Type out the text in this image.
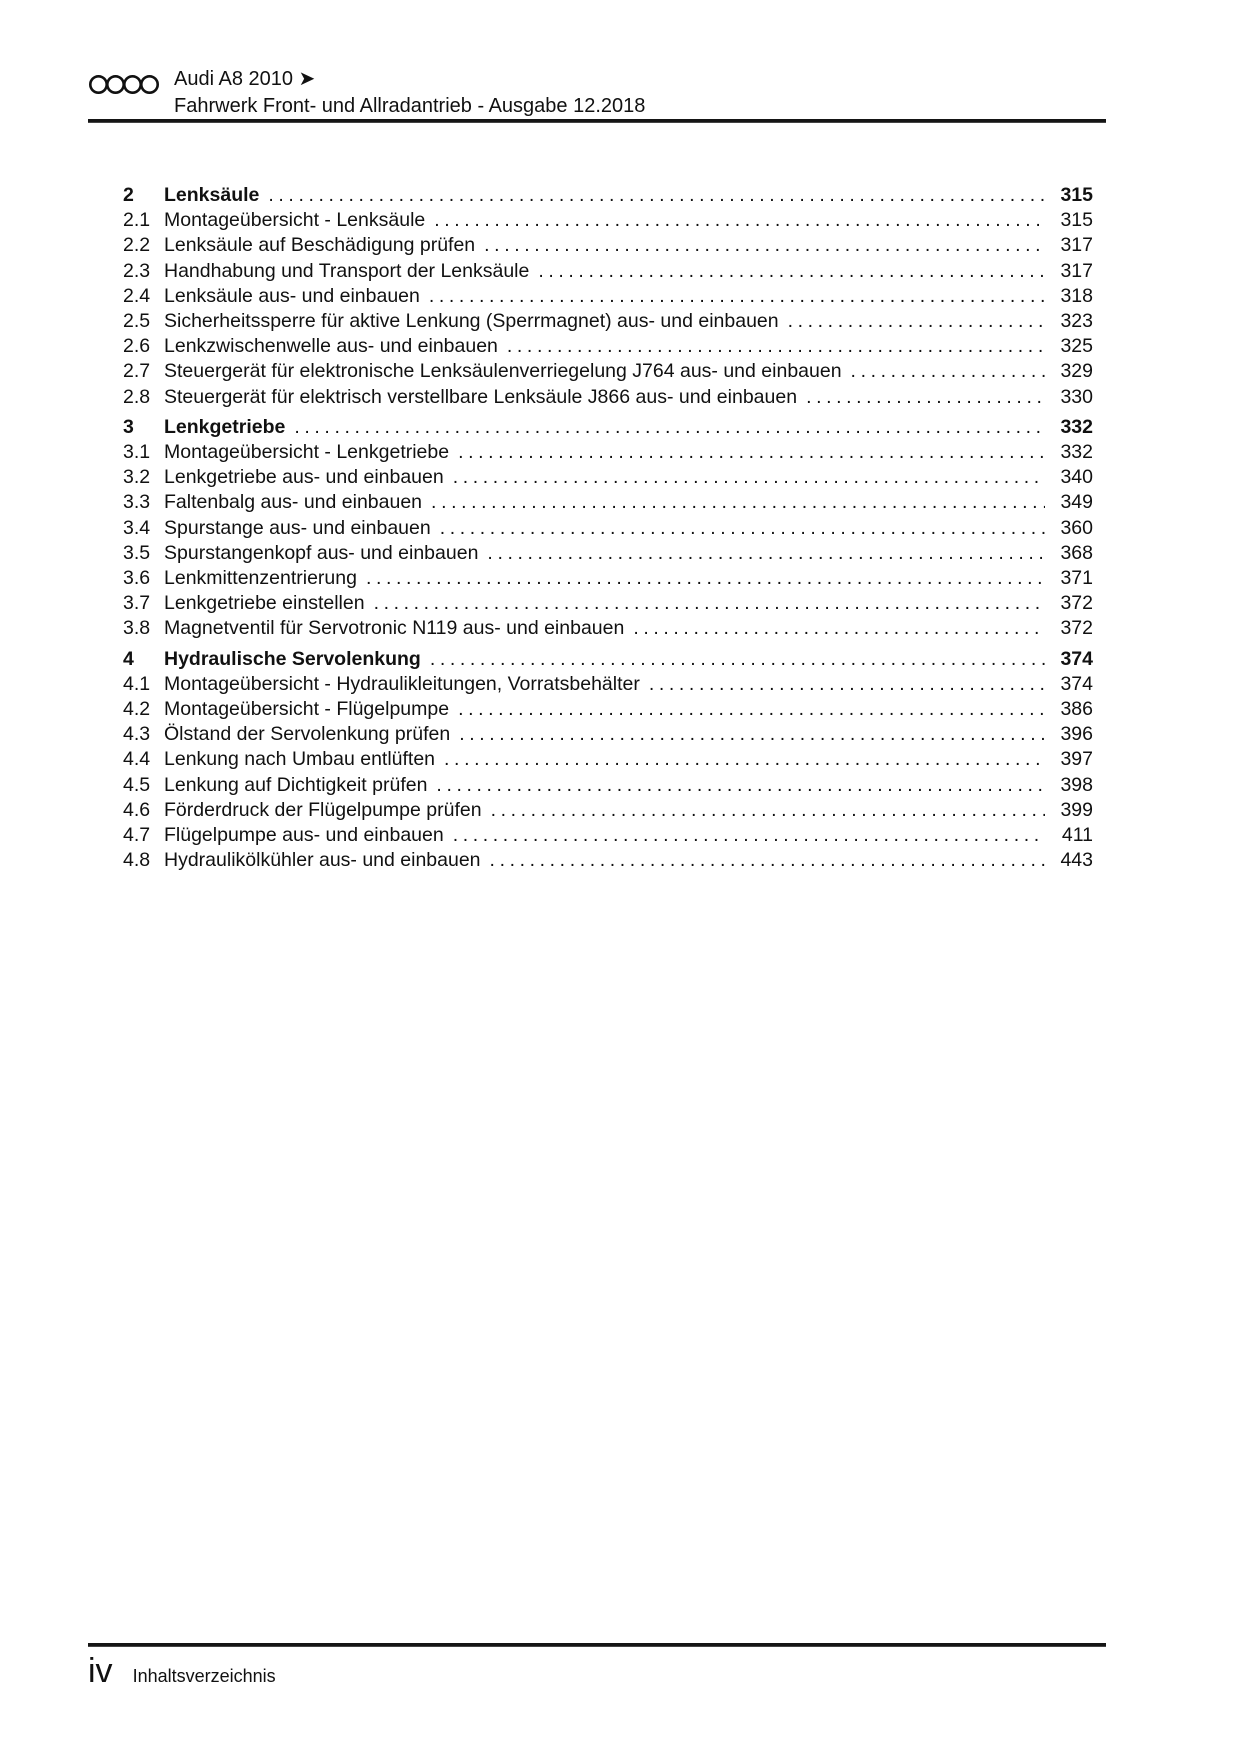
Audi A8 2010 ➤
Fahrwerk Front- und Allradantrieb - Ausgabe 12.2018
2	Lenksäule .....	315
2.1 Montageübersicht - Lenksäule .....	315
2.2 Lenksäule auf Beschädigung prüfen .....	317
2.3 Handhabung und Transport der Lenksäule .....	317
2.4 Lenksäule aus- und einbauen .....	318
2.5 Sicherheitssperre für aktive Lenkung (Sperrmagnet) aus- und einbauen .....	323
2.6 Lenkzwischenwelle aus- und einbauen .....	325
2.7 Steuergerät für elektronische Lenksäulenverriegelung J764 aus- und einbauen .....	329
2.8 Steuergerät für elektrisch verstellbare Lenksäule J866 aus- und einbauen .....	330
3	Lenkgetriebe .....	332
3.1 Montageübersicht - Lenkgetriebe .....	332
3.2 Lenkgetriebe aus- und einbauen .....	340
3.3 Faltenbalg aus- und einbauen .....	349
3.4 Spurstange aus- und einbauen .....	360
3.5 Spurstangenkopf aus- und einbauen .....	368
3.6 Lenkmittenzentrierung .....	371
3.7 Lenkgetriebe einstellen .....	372
3.8 Magnetventil für Servotronic N119 aus- und einbauen .....	372
4	Hydraulische Servolenkung .....	374
4.1 Montageübersicht - Hydraulikleitungen, Vorratsbehälter .....	374
4.2 Montageübersicht - Flügelpumpe .....	386
4.3 Ölstand der Servolenkung prüfen .....	396
4.4 Lenkung nach Umbau entlüften .....	397
4.5 Lenkung auf Dichtigkeit prüfen .....	398
4.6 Förderdruck der Flügelpumpe prüfen .....	399
4.7 Flügelpumpe aus- und einbauen .....	411
4.8 Hydraulikölkühler aus- und einbauen .....	443
iv Inhaltsverzeichnis
